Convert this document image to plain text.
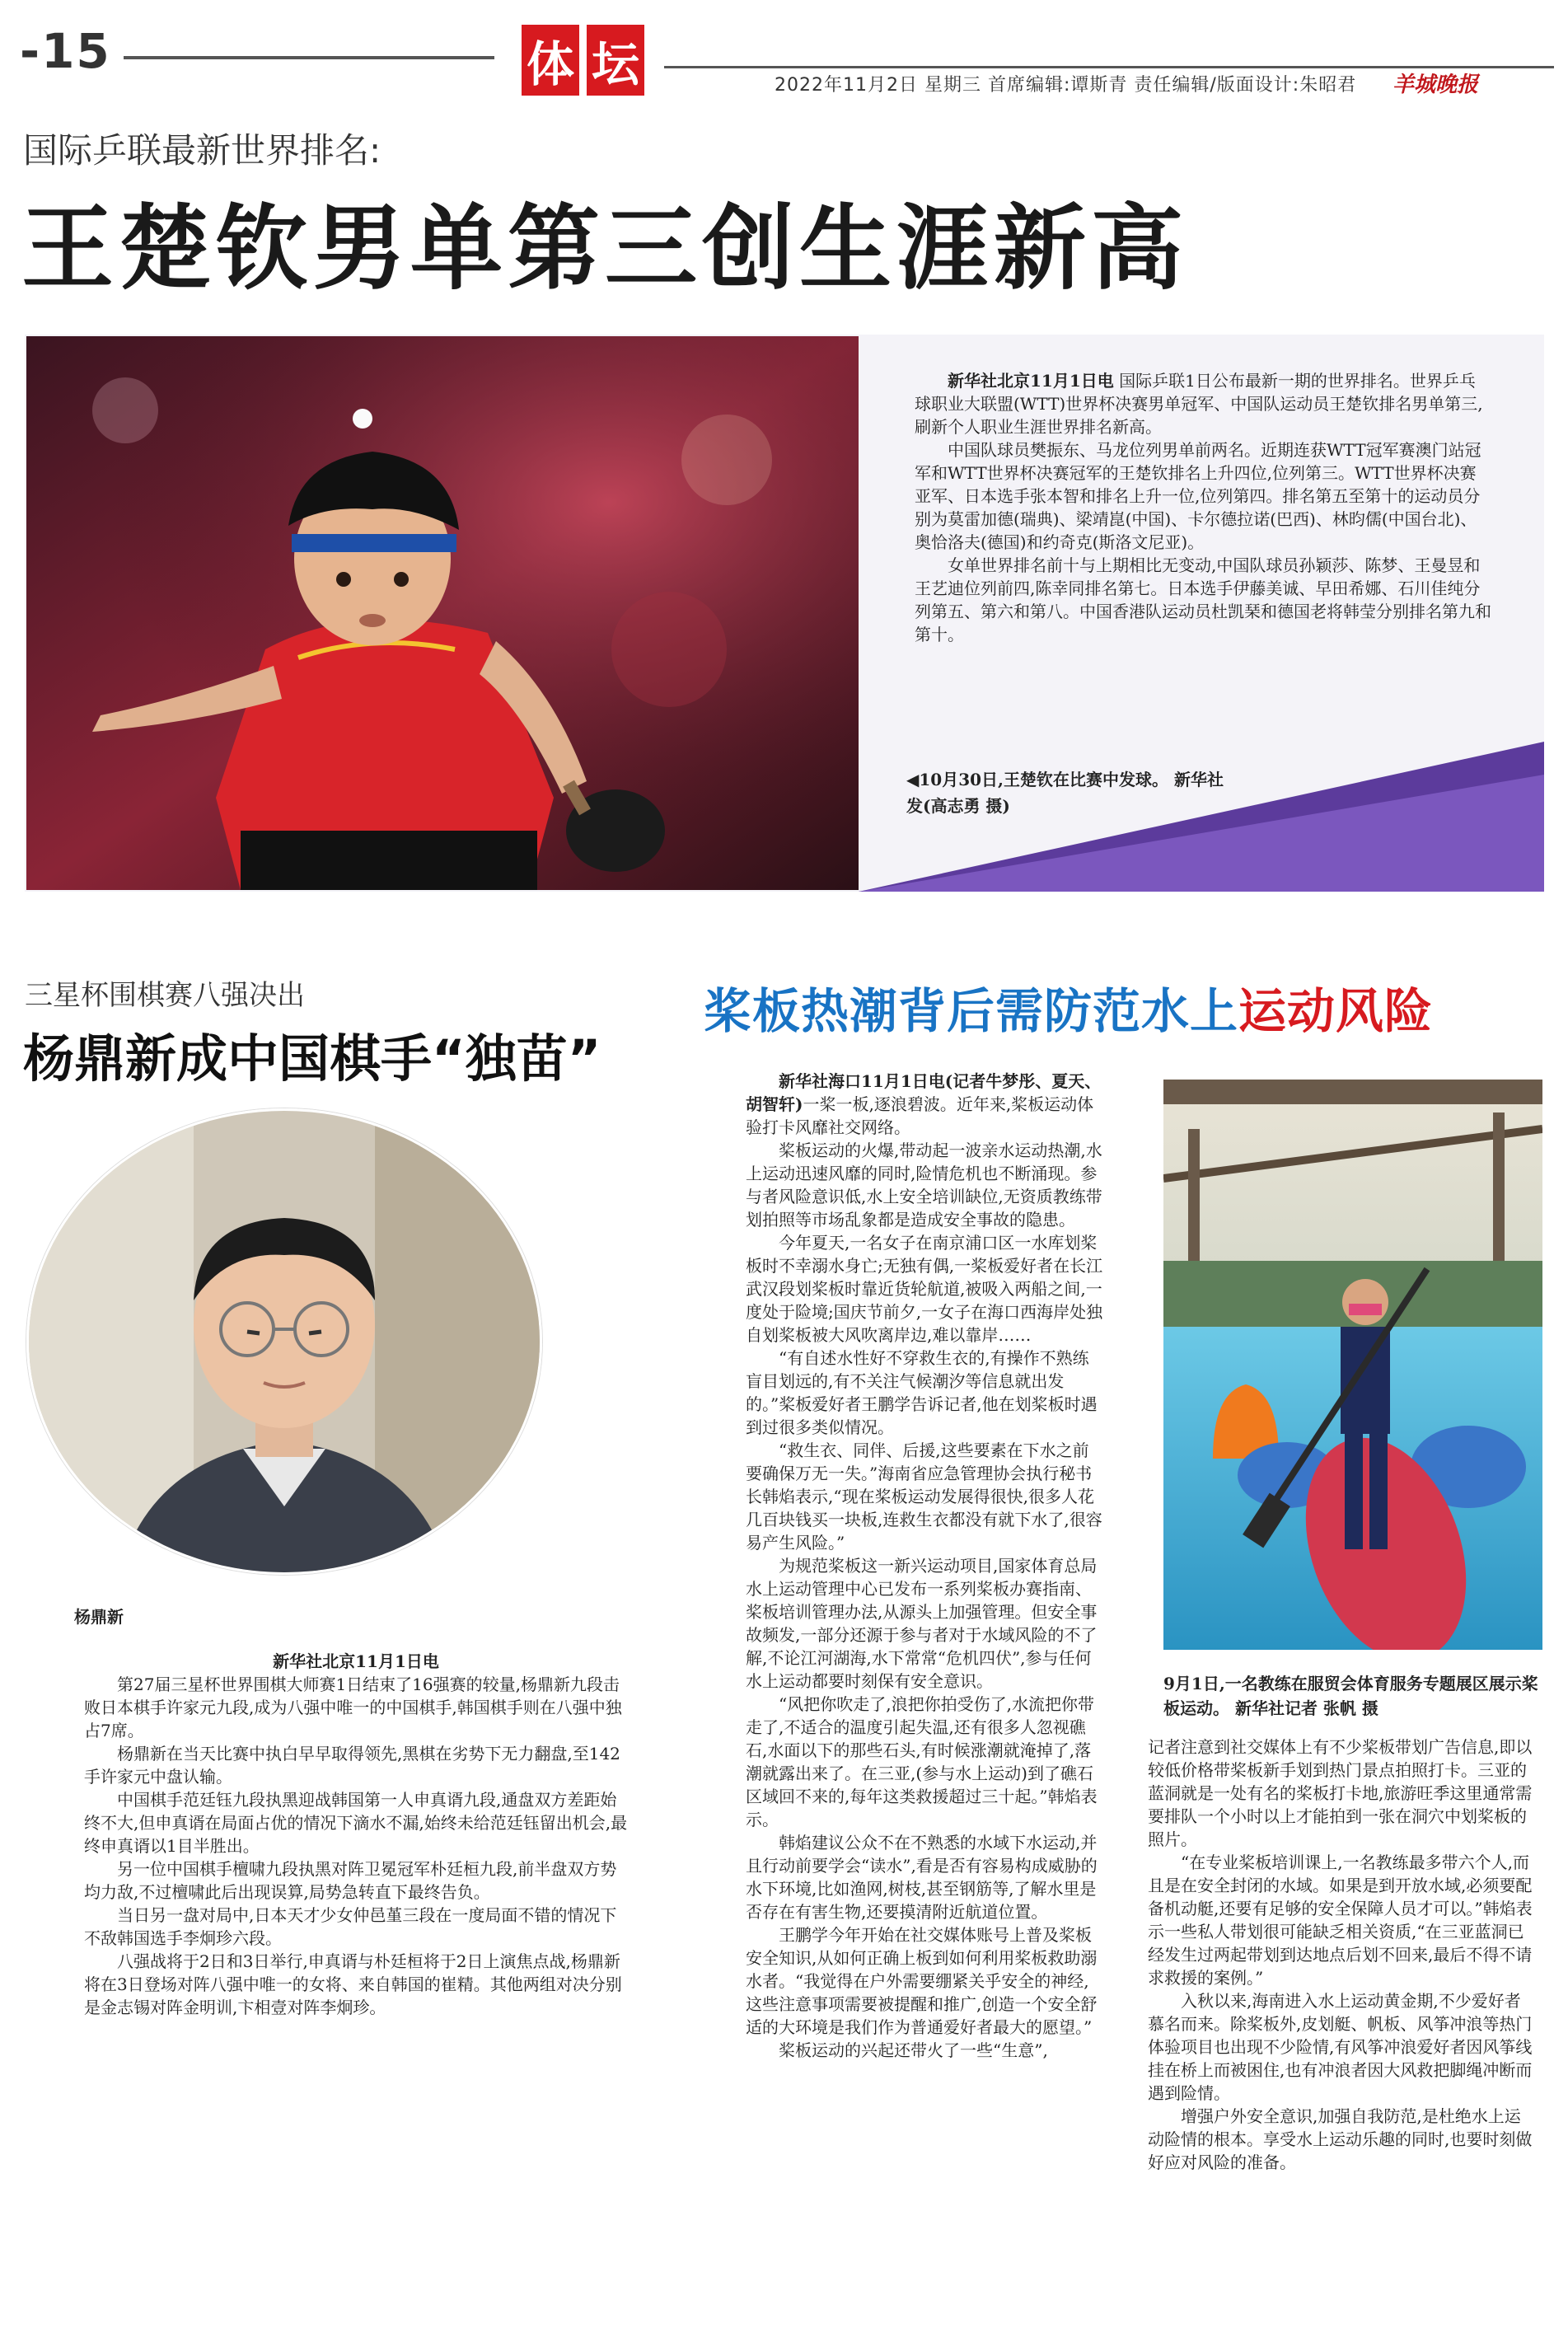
-15	体 坛	2022年11月2日 星期三 首席编辑:谭斯青 责任编辑/版面设计:朱昭君 羊城晚报
国际乒联最新世界排名:
王楚钦男单第三创生涯新高

新华社北京11月1日电 国际乒联1日公布最新一期的世界排名。世界乒乓球职业大联盟(WTT)世界杯决赛男单冠军、中国队运动员王楚钦排名男单第三,刷新个人职业生涯世界排名新高。

中国队球员樊振东、马龙位列男单前两名。近期连获WTT冠军赛澳门站冠军和WTT世界杯决赛冠军的王楚钦排名上升四位,位列第三。WTT世界杯决赛亚军、日本选手张本智和排名上升一位,位列第四。排名第五至第十的运动员分别为莫雷加德(瑞典)、梁靖崑(中国)、卡尔德拉诺(巴西)、林昀儒(中国台北)、奥恰洛夫(德国)和约奇克(斯洛文尼亚)。

女单世界排名前十与上期相比无变动,中国队球员孙颖莎、陈梦、王曼昱和王艺迪位列前四,陈幸同排名第七。日本选手伊藤美诚、早田希娜、石川佳纯分列第五、第六和第八。中国香港队运动员杜凯琹和德国老将韩莹分别排名第九和第十。

◀10月30日,王楚钦在比赛中发球。 新华社发(高志勇 摄)
三星杯围棋赛八强决出
杨鼎新成中国棋手“独苗”
杨鼎新

新华社北京11月1日电

第27届三星杯世界围棋大师赛1日结束了16强赛的较量,杨鼎新九段击败日本棋手许家元九段,成为八强中唯一的中国棋手,韩国棋手则在八强中独占7席。

杨鼎新在当天比赛中执白早早取得领先,黑棋在劣势下无力翻盘,至142手许家元中盘认输。

中国棋手范廷钰九段执黑迎战韩国第一人申真谞九段,通盘双方差距始终不大,但申真谞在局面占优的情况下滴水不漏,始终未给范廷钰留出机会,最终申真谞以1目半胜出。

另一位中国棋手檀啸九段执黑对阵卫冕冠军朴廷桓九段,前半盘双方势均力敌,不过檀啸此后出现误算,局势急转直下最终告负。

当日另一盘对局中,日本天才少女仲邑堇三段在一度局面不错的情况下不敌韩国选手李炯珍六段。

八强战将于2日和3日举行,申真谞与朴廷桓将于2日上演焦点战,杨鼎新将在3日登场对阵八强中唯一的女将、来自韩国的崔精。其他两组对决分别是金志锡对阵金明训,卞相壹对阵李炯珍。

桨板热潮背后需防范水上运动风险

新华社海口11月1日电(记者牛梦彤、夏天、胡智轩)一桨一板,逐浪碧波。近年来,桨板运动体验打卡风靡社交网络。

桨板运动的火爆,带动起一波亲水运动热潮,水上运动迅速风靡的同时,险情危机也不断涌现。参与者风险意识低,水上安全培训缺位,无资质教练带划拍照等市场乱象都是造成安全事故的隐患。

今年夏天,一名女子在南京浦口区一水库划桨板时不幸溺水身亡;无独有偶,一桨板爱好者在长江武汉段划桨板时靠近货轮航道,被吸入两船之间,一度处于险境;国庆节前夕,一女子在海口西海岸处独自划桨板被大风吹离岸边,难以靠岸……

“有自述水性好不穿救生衣的,有操作不熟练盲目划远的,有不关注气候潮汐等信息就出发的。”桨板爱好者王鹏学告诉记者,他在划桨板时遇到过很多类似情况。

“救生衣、同伴、后援,这些要素在下水之前要确保万无一失。”海南省应急管理协会执行秘书长韩焰表示,“现在桨板运动发展得很快,很多人花几百块钱买一块板,连救生衣都没有就下水了,很容易产生风险。”

为规范桨板这一新兴运动项目,国家体育总局水上运动管理中心已发布一系列桨板办赛指南、桨板培训管理办法,从源头上加强管理。但安全事故频发,一部分还源于参与者对于水域风险的不了解,不论江河湖海,水下常常“危机四伏”,参与任何水上运动都要时刻保有安全意识。

“风把你吹走了,浪把你拍受伤了,水流把你带走了,不适合的温度引起失温,还有很多人忽视礁石,水面以下的那些石头,有时候涨潮就淹掉了,落潮就露出来了。在三亚,(参与水上运动)到了礁石区域回不来的,每年这类救援超过三十起。”韩焰表示。

韩焰建议公众不在不熟悉的水域下水运动,并且行动前要学会“读水”,看是否有容易构成威胁的水下环境,比如渔网,树枝,甚至钢筋等,了解水里是否存在有害生物,还要摸清附近航道位置。

王鹏学今年开始在社交媒体账号上普及桨板安全知识,从如何正确上板到如何利用桨板救助溺水者。“我觉得在户外需要绷紧关乎安全的神经,这些注意事项需要被提醒和推广,创造一个安全舒适的大环境是我们作为普通爱好者最大的愿望。”

桨板运动的兴起还带火了一些“生意”,

9月1日,一名教练在服贸会体育服务专题展区展示桨板运动。 新华社记者 张帆 摄

记者注意到社交媒体上有不少桨板带划广告信息,即以较低价格带桨板新手划到热门景点拍照打卡。三亚的蓝洞就是一处有名的桨板打卡地,旅游旺季这里通常需要排队一个小时以上才能拍到一张在洞穴中划桨板的照片。

“在专业桨板培训课上,一名教练最多带六个人,而且是在安全封闭的水域。如果是到开放水域,必须要配备机动艇,还要有足够的安全保障人员才可以。”韩焰表示一些私人带划很可能缺乏相关资质,“在三亚蓝洞已经发生过两起带划到达地点后划不回来,最后不得不请求救援的案例。”

入秋以来,海南进入水上运动黄金期,不少爱好者慕名而来。除桨板外,皮划艇、帆板、风筝冲浪等热门体验项目也出现不少险情,有风筝冲浪爱好者因风筝线挂在桥上而被困住,也有冲浪者因大风救把脚绳冲断而遇到险情。

增强户外安全意识,加强自我防范,是杜绝水上运动险情的根本。享受水上运动乐趣的同时,也要时刻做好应对风险的准备。
